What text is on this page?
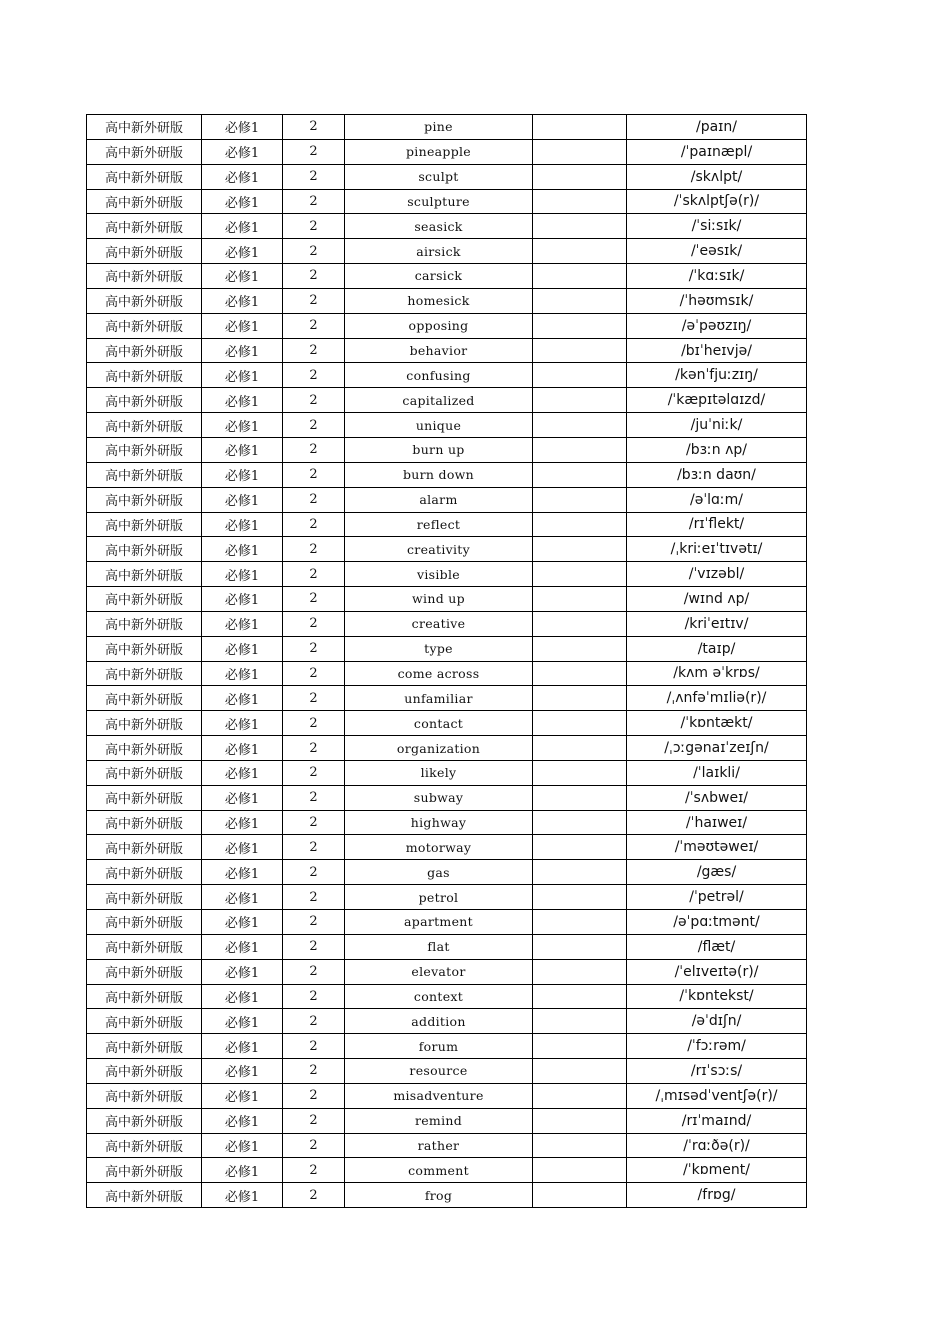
高中新外研版	必修1	2	pine		/paɪn/
高中新外研版	必修1	2	pineapple		/ˈpaɪnæpl/
高中新外研版	必修1	2	sculpt		/skʌlpt/
高中新外研版	必修1	2	sculpture		/ˈskʌlptʃə(r)/
高中新外研版	必修1	2	seasick		/ˈsiːsɪk/
高中新外研版	必修1	2	airsick		/ˈeəsɪk/
高中新外研版	必修1	2	carsick		/ˈkɑːsɪk/
高中新外研版	必修1	2	homesick		/ˈhəʊmsɪk/
高中新外研版	必修1	2	opposing		/əˈpəʊzɪŋ/
高中新外研版	必修1	2	behavior		/bɪˈheɪvjə/
高中新外研版	必修1	2	confusing		/kənˈfjuːzɪŋ/
高中新外研版	必修1	2	capitalized		/ˈkæpɪtəlɑɪzd/
高中新外研版	必修1	2	unique		/juˈniːk/
高中新外研版	必修1	2	burn up		/bɜːn ʌp/
高中新外研版	必修1	2	burn down		/bɜːn daʊn/
高中新外研版	必修1	2	alarm		/əˈlɑːm/
高中新外研版	必修1	2	reflect		/rɪˈflekt/
高中新外研版	必修1	2	creativity		/ˌkriːeɪˈtɪvətɪ/
高中新外研版	必修1	2	visible		/ˈvɪzəbl/
高中新外研版	必修1	2	wind up		/wɪnd ʌp/
高中新外研版	必修1	2	creative		/kriˈeɪtɪv/
高中新外研版	必修1	2	type		/taɪp/
高中新外研版	必修1	2	come across		/kʌm əˈkrɒs/
高中新外研版	必修1	2	unfamiliar		/ˌʌnfəˈmɪliə(r)/
高中新外研版	必修1	2	contact		/ˈkɒntækt/
高中新外研版	必修1	2	organization		/ˌɔːgənaɪˈzeɪʃn/
高中新外研版	必修1	2	likely		/ˈlaɪkli/
高中新外研版	必修1	2	subway		/ˈsʌbweɪ/
高中新外研版	必修1	2	highway		/ˈhaɪweɪ/
高中新外研版	必修1	2	motorway		/ˈməʊtəweɪ/
高中新外研版	必修1	2	gas		/gæs/
高中新外研版	必修1	2	petrol		/ˈpetrəl/
高中新外研版	必修1	2	apartment		/əˈpɑːtmənt/
高中新外研版	必修1	2	flat		/flæt/
高中新外研版	必修1	2	elevator		/ˈelɪveɪtə(r)/
高中新外研版	必修1	2	context		/ˈkɒntekst/
高中新外研版	必修1	2	addition		/əˈdɪʃn/
高中新外研版	必修1	2	forum		/ˈfɔːrəm/
高中新外研版	必修1	2	resource		/rɪˈsɔːs/
高中新外研版	必修1	2	misadventure		/ˌmɪsədˈventʃə(r)/
高中新外研版	必修1	2	remind		/rɪˈmaɪnd/
高中新外研版	必修1	2	rather		/ˈrɑːðə(r)/
高中新外研版	必修1	2	comment		/ˈkɒment/
高中新外研版	必修1	2	frog		/frɒg/
